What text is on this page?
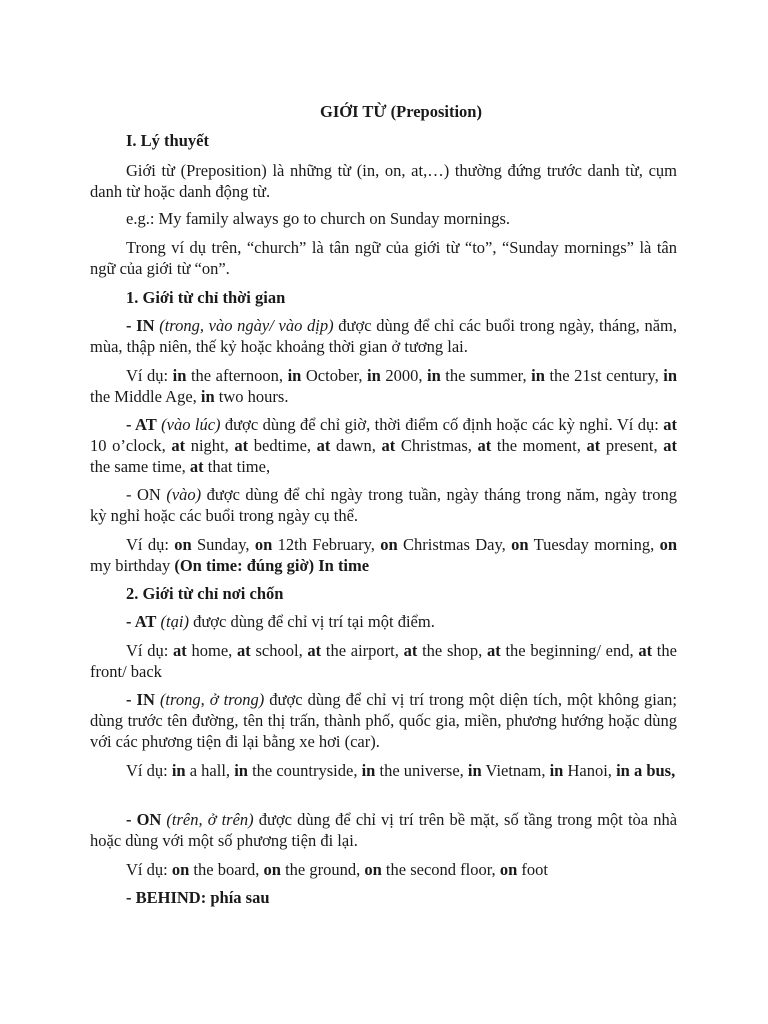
GIỚI TỪ (Preposition)
I. Lý thuyết
Giới từ (Preposition) là những từ (in, on, at,…) thường đứng trước danh từ, cụm danh từ hoặc danh động từ.
e.g.: My family always go to church on Sunday mornings.
Trong ví dụ trên, “church” là tân ngữ của giới từ “to”, “Sunday mornings” là tân ngữ của giới từ “on”.
1. Giới từ chỉ thời gian
- IN (trong, vào ngày/ vào dịp) được dùng để chỉ các buổi trong ngày, tháng, năm, mùa, thập niên, thế kỷ hoặc khoảng thời gian ở tương lai.
Ví dụ: in the afternoon, in October, in 2000, in the summer, in the 21st century, in the Middle Age, in two hours.
- AT (vào lúc) được dùng để chỉ giờ, thời điểm cố định hoặc các kỳ nghỉ. Ví dụ: at 10 o’clock, at night, at bedtime, at dawn, at Christmas, at the moment, at present, at the same time, at that time,
- ON (vào) được dùng để chỉ ngày trong tuần, ngày tháng trong năm, ngày trong kỳ nghỉ hoặc các buổi trong ngày cụ thể.
Ví dụ: on Sunday, on 12th February, on Christmas Day, on Tuesday morning, on my birthday (On time: đúng giờ) In time
2. Giới từ chỉ nơi chốn
- AT (tại) được dùng để chỉ vị trí tại một điểm.
Ví dụ: at home, at school, at the airport, at the shop, at the beginning/ end, at the front/ back
- IN (trong, ở trong) được dùng để chỉ vị trí trong một diện tích, một không gian; dùng trước tên đường, tên thị trấn, thành phố, quốc gia, miền, phương hướng hoặc dùng với các phương tiện đi lại bằng xe hơi (car).
Ví dụ: in a hall, in the countryside, in the universe, in Vietnam, in Hanoi, in a bus,
- ON (trên, ở trên) được dùng để chỉ vị trí trên bề mặt, số tầng trong một tòa nhà hoặc dùng với một số phương tiện đi lại.
Ví dụ: on the board, on the ground, on the second floor, on foot
- BEHIND: phía sau
